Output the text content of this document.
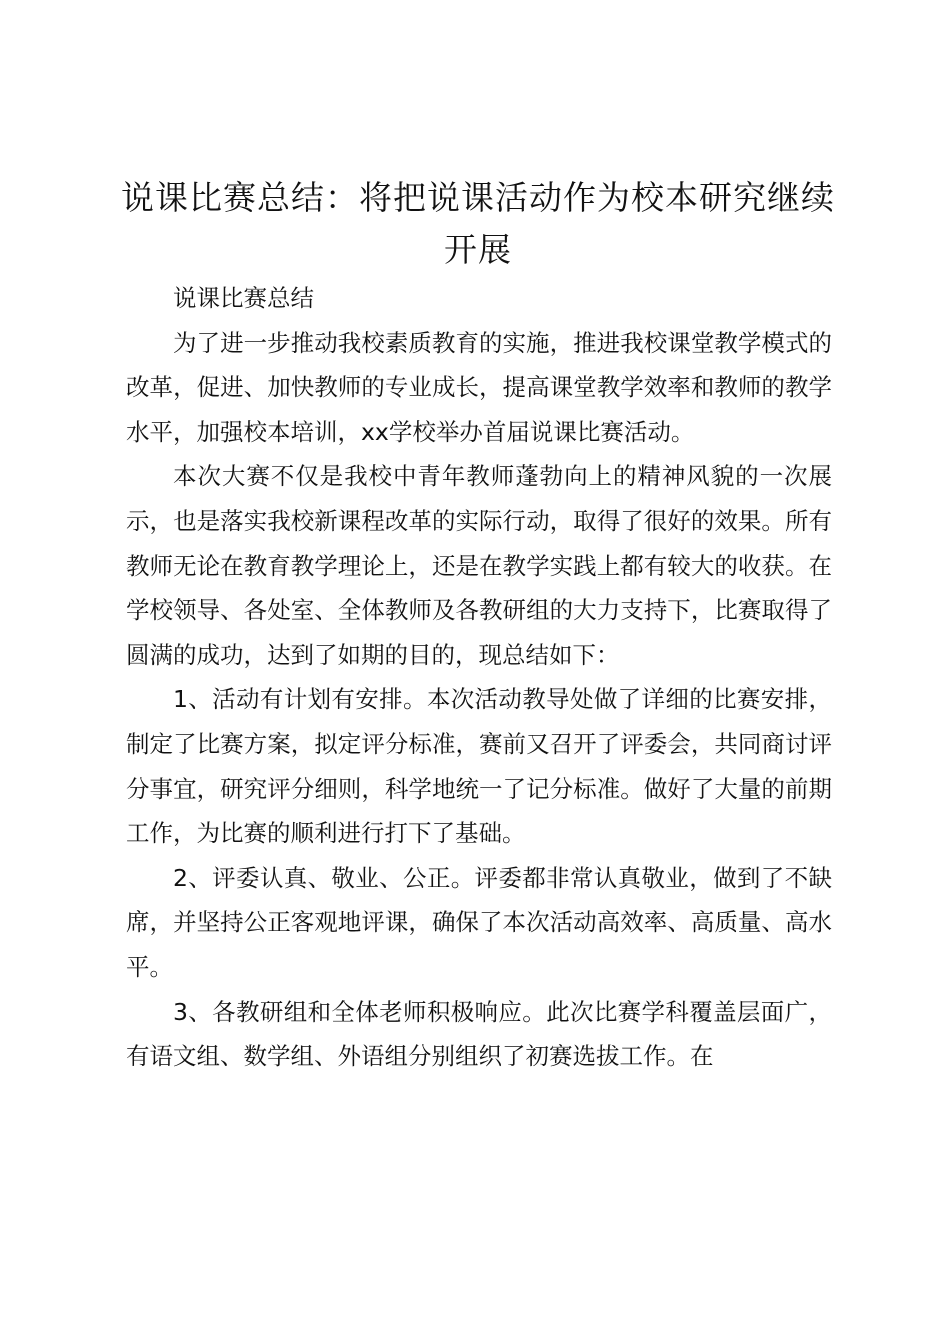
说课比赛总结：将把说课活动作为校本研究继续开展

说课比赛总结

为了进一步推动我校素质教育的实施，推进我校课堂教学模式的改革，促进、加快教师的专业成长，提高课堂教学效率和教师的教学水平，加强校本培训，xx学校举办首届说课比赛活动。

本次大赛不仅是我校中青年教师蓬勃向上的精神风貌的一次展示，也是落实我校新课程改革的实际行动，取得了很好的效果。所有教师无论在教育教学理论上，还是在教学实践上都有较大的收获。在学校领导、各处室、全体教师及各教研组的大力支持下，比赛取得了圆满的成功，达到了如期的目的，现总结如下：

1、活动有计划有安排。本次活动教导处做了详细的比赛安排，制定了比赛方案，拟定评分标准，赛前又召开了评委会，共同商讨评分事宜，研究评分细则，科学地统一了记分标准。做好了大量的前期工作，为比赛的顺利进行打下了基础。

2、评委认真、敬业、公正。评委都非常认真敬业，做到了不缺席，并坚持公正客观地评课，确保了本次活动高效率、高质量、高水平。

3、各教研组和全体老师积极响应。此次比赛学科覆盖层面广，有语文组、数学组、外语组分别组织了初赛选拔工作。在
